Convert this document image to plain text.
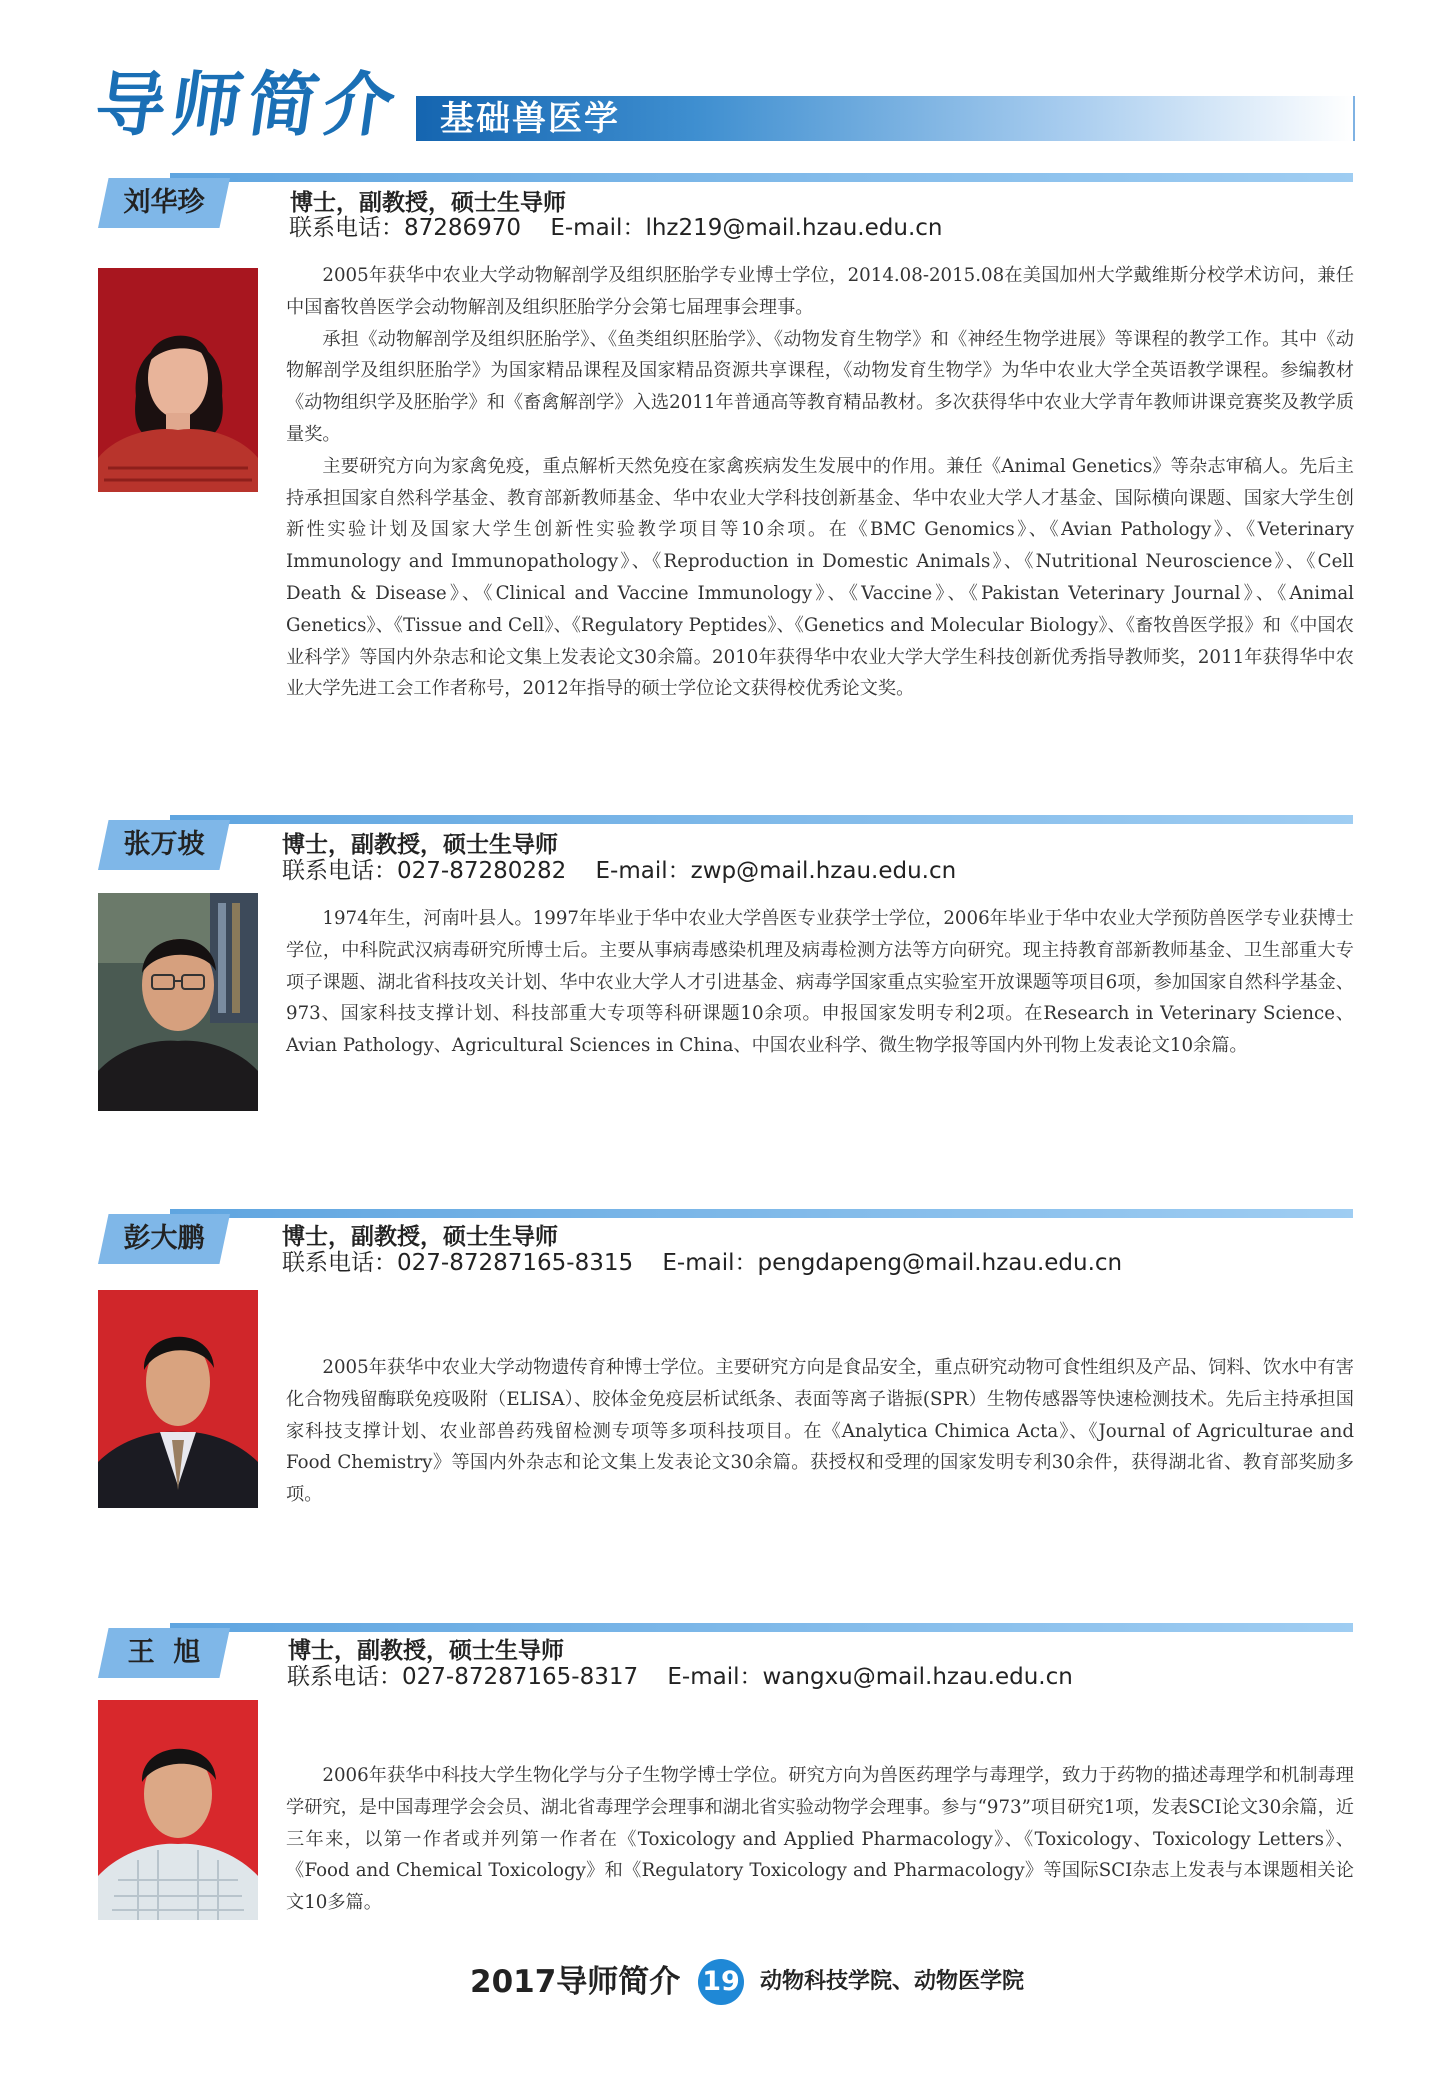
导师简介 基础兽医学
刘华珍	博士，副教授，硕士生导师
联系电话：87286970 E-mail：lhz219@mail.hzau.edu.cn

2005年获华中农业大学动物解剖学及组织胚胎学专业博士学位，2014.08-2015.08在美国加州大学戴维斯分校学术访问，兼任中国畜牧兽医学会动物解剖及组织胚胎学分会第七届理事会理事。

承担《动物解剖学及组织胚胎学》、《鱼类组织胚胎学》、《动物发育生物学》和《神经生物学进展》等课程的教学工作。其中《动物解剖学及组织胚胎学》为国家精品课程及国家精品资源共享课程，《动物发育生物学》为华中农业大学全英语教学课程。参编教材《动物组织学及胚胎学》和《畜禽解剖学》入选2011年普通高等教育精品教材。多次获得华中农业大学青年教师讲课竞赛奖及教学质量奖。

主要研究方向为家禽免疫，重点解析天然免疫在家禽疾病发生发展中的作用。兼任《Animal Genetics》等杂志审稿人。先后主持承担国家自然科学基金、教育部新教师基金、华中农业大学科技创新基金、华中农业大学人才基金、国际横向课题、国家大学生创新性实验计划及国家大学生创新性实验教学项目等10余项。在《BMC Genomics》、《Avian Pathology》、《Veterinary Immunology and Immunopathology》、《Reproduction in Domestic Animals》、《Nutritional Neuroscience》、《Cell Death & Disease》、《Clinical and Vaccine Immunology》、《Vaccine》、《Pakistan Veterinary Journal》、《Animal Genetics》、《Tissue and Cell》、《Regulatory Peptides》、《Genetics and Molecular Biology》、《畜牧兽医学报》和《中国农业科学》等国内外杂志和论文集上发表论文30余篇。2010年获得华中农业大学大学生科技创新优秀指导教师奖，2011年获得华中农业大学先进工会工作者称号，2012年指导的硕士学位论文获得校优秀论文奖。

张万坡	博士，副教授，硕士生导师
联系电话：027-87280282 E-mail：zwp@mail.hzau.edu.cn

1974年生，河南叶县人。1997年毕业于华中农业大学兽医专业获学士学位，2006年毕业于华中农业大学预防兽医学专业获博士学位，中科院武汉病毒研究所博士后。主要从事病毒感染机理及病毒检测方法等方向研究。现主持教育部新教师基金、卫生部重大专项子课题、湖北省科技攻关计划、华中农业大学人才引进基金、病毒学国家重点实验室开放课题等项目6项，参加国家自然科学基金、973、国家科技支撑计划、科技部重大专项等科研课题10余项。申报国家发明专利2项。在Research in Veterinary Science、Avian Pathology、Agricultural Sciences in China、中国农业科学、微生物学报等国内外刊物上发表论文10余篇。

彭大鹏	博士，副教授，硕士生导师
联系电话：027-87287165-8315 E-mail：pengdapeng@mail.hzau.edu.cn

2005年获华中农业大学动物遗传育种博士学位。主要研究方向是食品安全，重点研究动物可食性组织及产品、饲料、饮水中有害化合物残留酶联免疫吸附（ELISA）、胶体金免疫层析试纸条、表面等离子谐振(SPR）生物传感器等快速检测技术。先后主持承担国家科技支撑计划、农业部兽药残留检测专项等多项科技项目。在《Analytica Chimica Acta》、《Journal of Agriculturae and Food Chemistry》等国内外杂志和论文集上发表论文30余篇。获授权和受理的国家发明专利30余件，获得湖北省、教育部奖励多项。

王  旭	博士，副教授，硕士生导师
联系电话：027-87287165-8317 E-mail：wangxu@mail.hzau.edu.cn

2006年获华中科技大学生物化学与分子生物学博士学位。研究方向为兽医药理学与毒理学，致力于药物的描述毒理学和机制毒理学研究，是中国毒理学会会员、湖北省毒理学会理事和湖北省实验动物学会理事。参与“973”项目研究1项，发表SCI论文30余篇，近三年来，以第一作者或并列第一作者在《Toxicology and Applied Pharmacology》、《Toxicology、Toxicology Letters》、《Food and Chemical Toxicology》和《Regulatory Toxicology and Pharmacology》等国际SCI杂志上发表与本课题相关论文10多篇。

2017导师简介 19 动物科技学院、动物医学院
